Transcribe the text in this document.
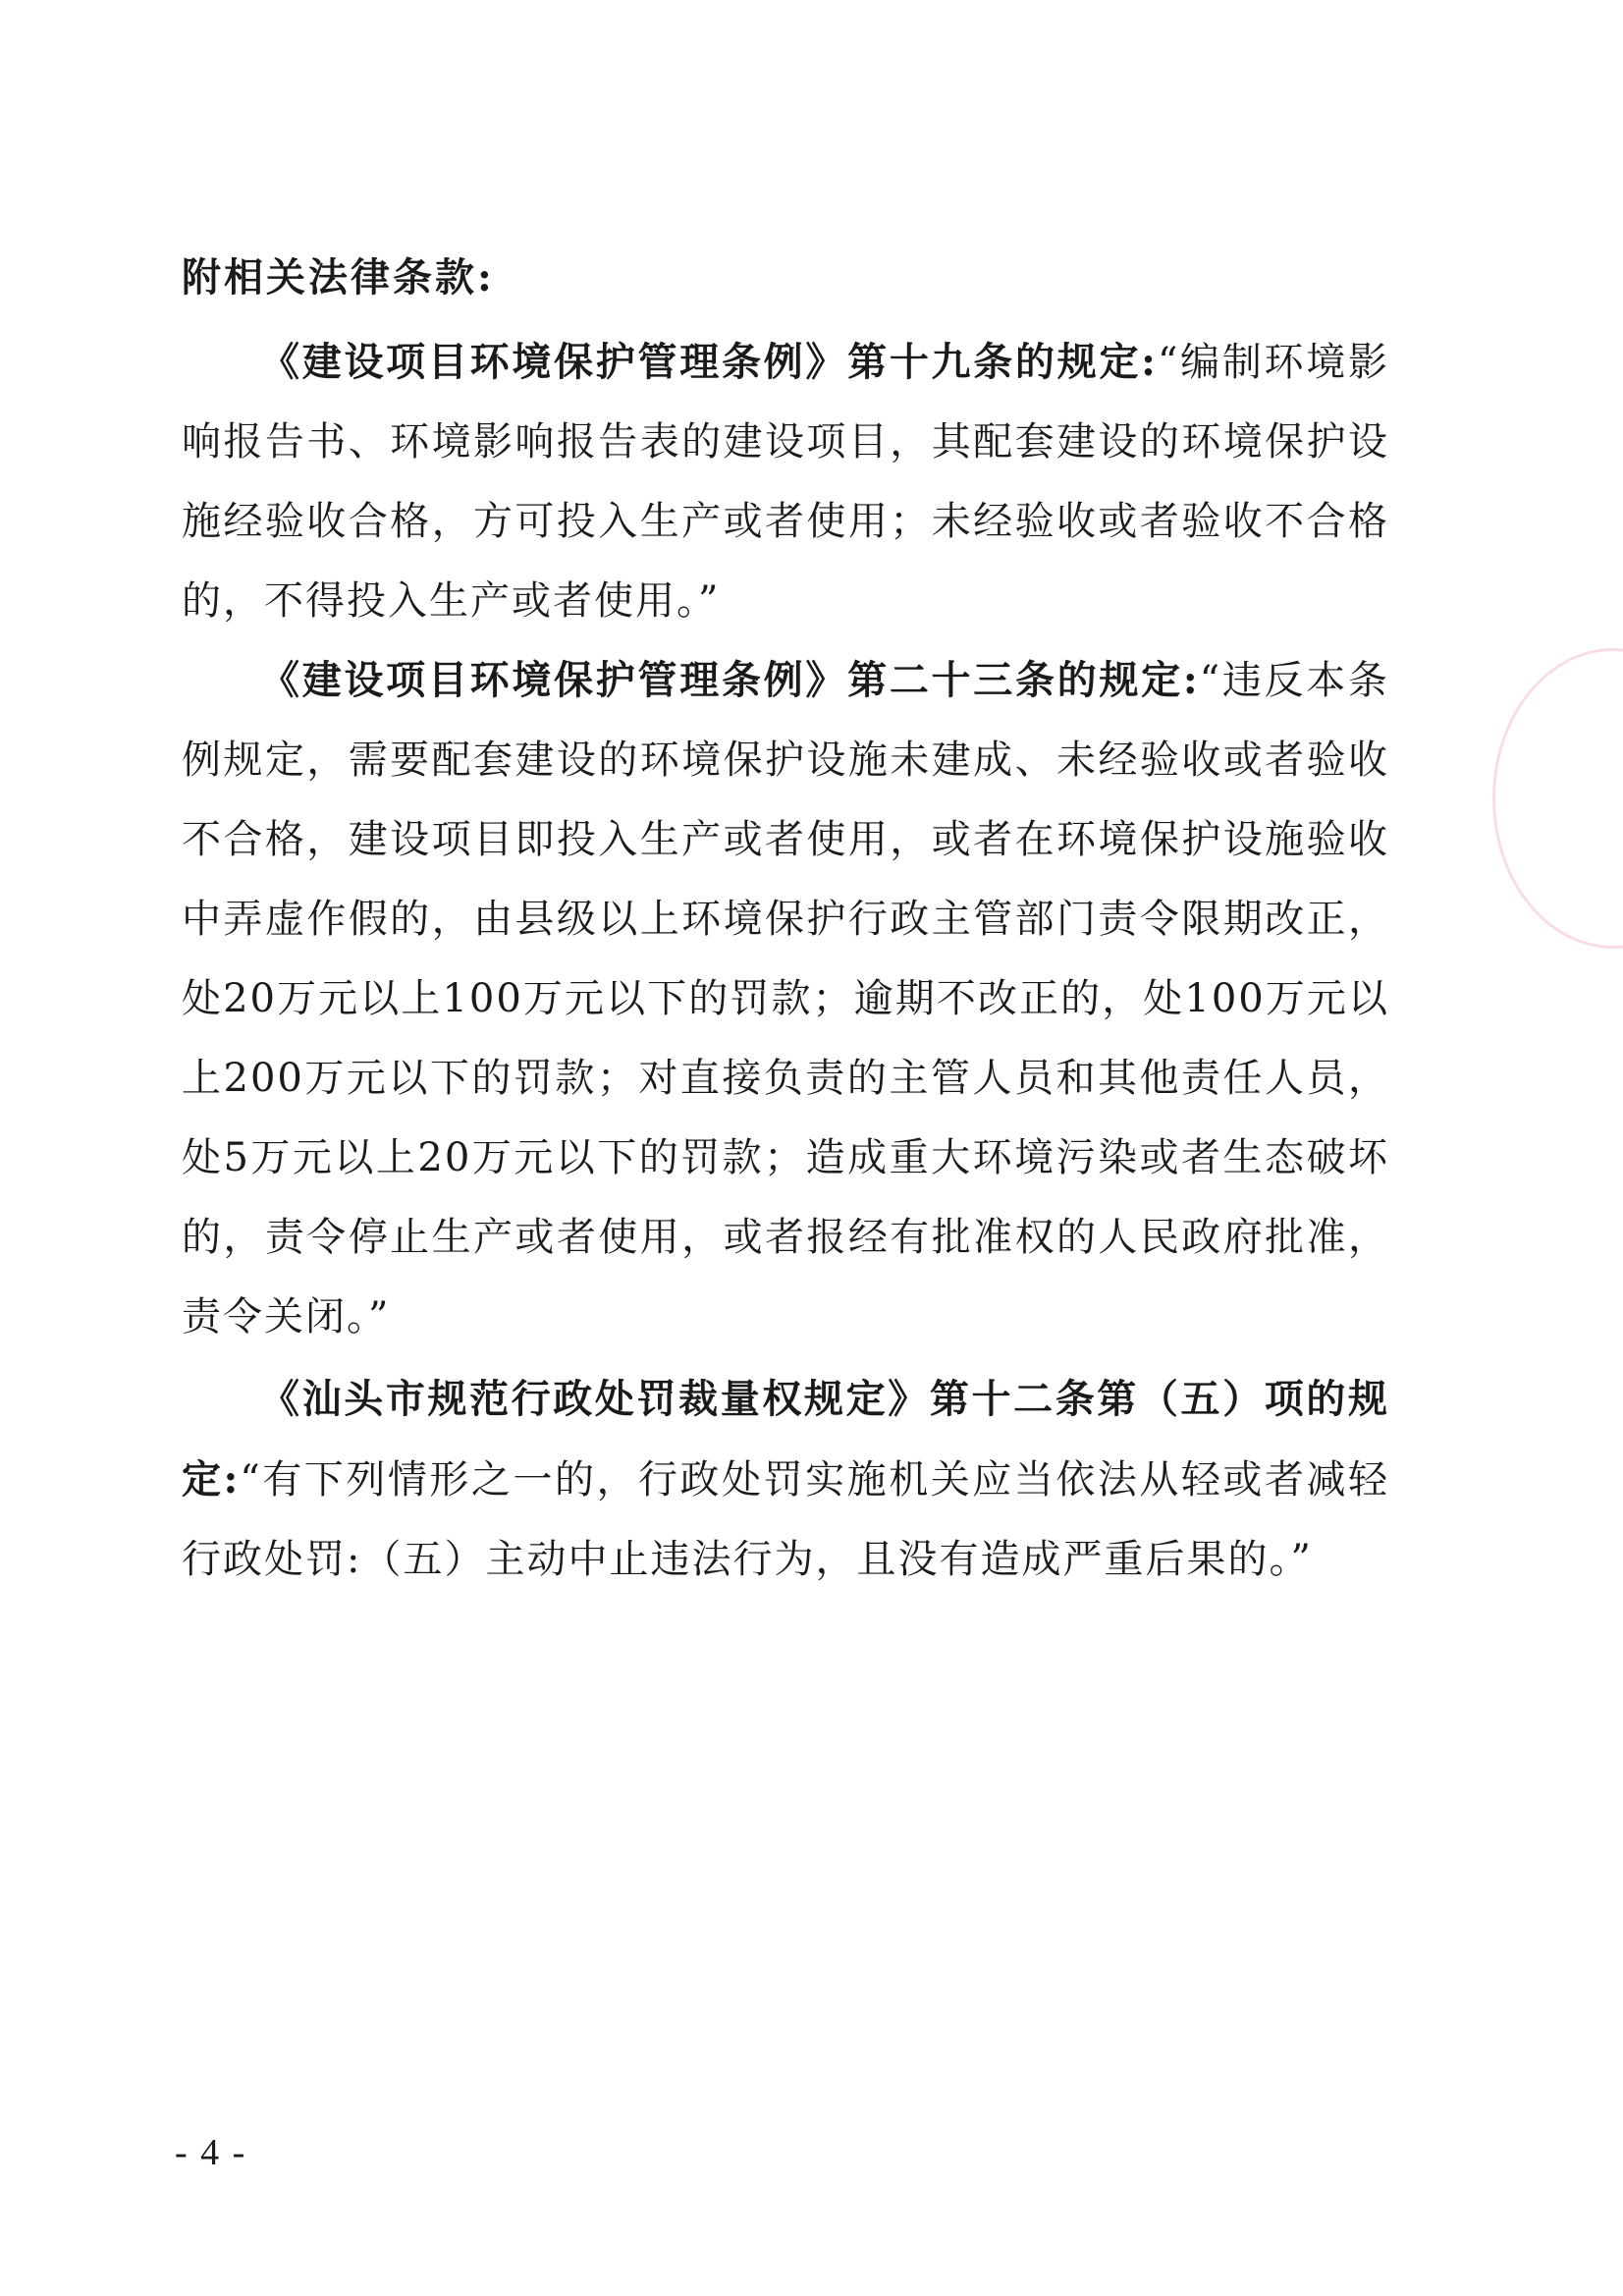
附相关法律条款:

《建设项目环境保护管理条例》第十九条的规定:“编制环境影响报告书、环境影响报告表的建设项目，其配套建设的环境保护设施经验收合格，方可投入生产或者使用；未经验收或者验收不合格的，不得投入生产或者使用。”

《建设项目环境保护管理条例》第二十三条的规定:“违反本条例规定，需要配套建设的环境保护设施未建成、未经验收或者验收不合格，建设项目即投入生产或者使用，或者在环境保护设施验收中弄虚作假的，由县级以上环境保护行政主管部门责令限期改正，处20万元以上100万元以下的罚款；逾期不改正的，处100万元以上200万元以下的罚款；对直接负责的主管人员和其他责任人员，处5万元以上20万元以下的罚款；造成重大环境污染或者生态破坏的，责令停止生产或者使用，或者报经有批准权的人民政府批准，责令关闭。”

《汕头市规范行政处罚裁量权规定》第十二条第（五）项的规定:“有下列情形之一的，行政处罚实施机关应当依法从轻或者减轻行政处罚:（五）主动中止违法行为，且没有造成严重后果的。”

- 4 -
